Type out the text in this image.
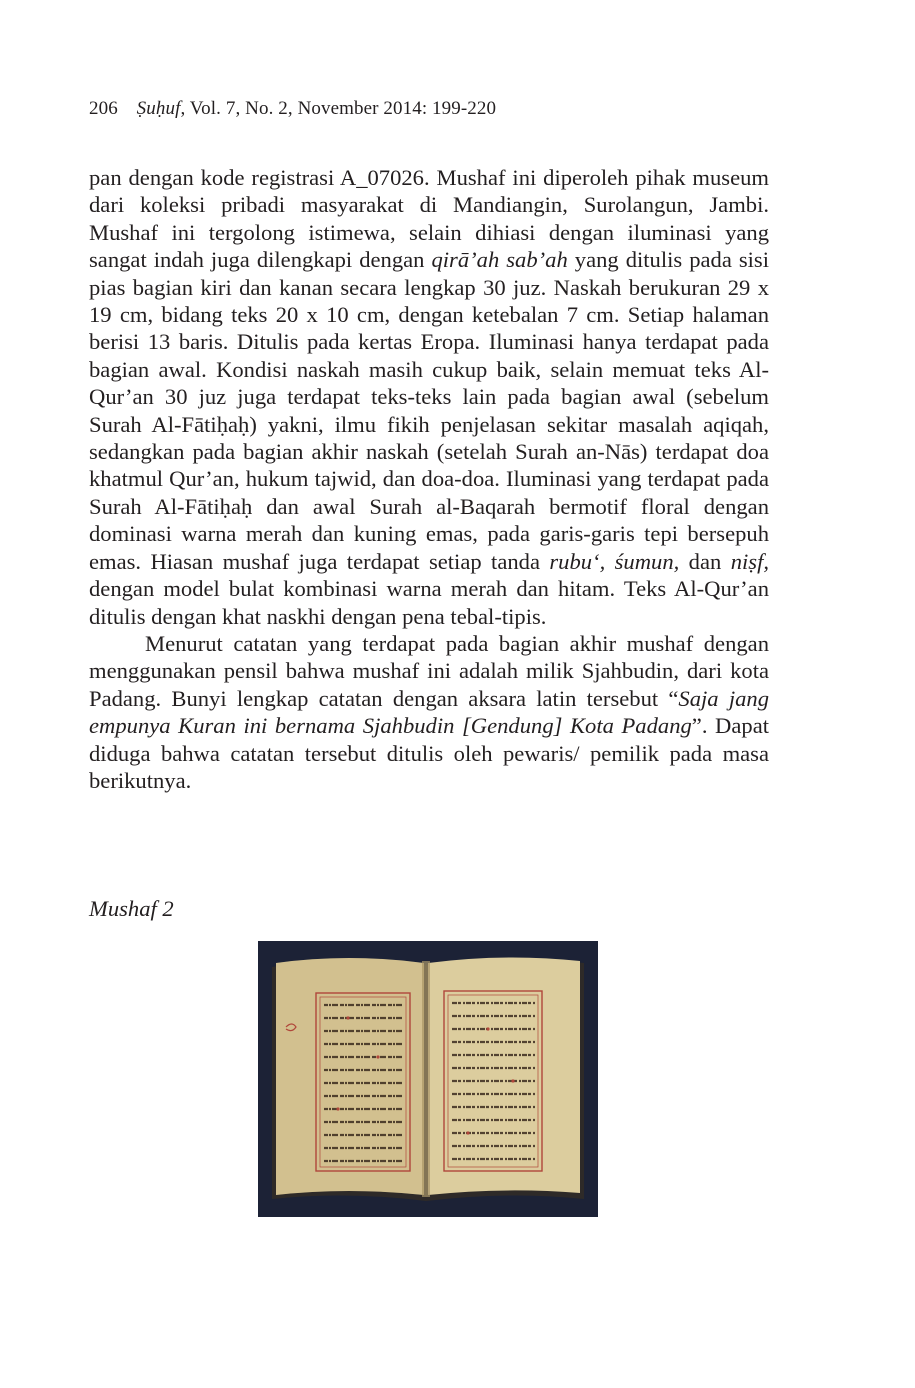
206 Ṣuḥuf, Vol. 7, No. 2, November 2014: 199-220

pan dengan kode registrasi A_07026. Mushaf ini diperoleh pihak museum dari koleksi pribadi masyarakat di Mandiangin, Surolangun, Jambi. Mushaf ini tergolong istimewa, selain dihiasi dengan iluminasi yang sangat indah juga dilengkapi dengan qirā’ah sab’ah yang ditulis pada sisi pias bagian kiri dan kanan secara lengkap 30 juz. Naskah berukuran 29 x 19 cm, bidang teks 20 x 10 cm, dengan ketebalan 7 cm. Setiap halaman berisi 13 baris. Ditulis pada kertas Eropa. Iluminasi hanya terdapat pada bagian awal. Kondisi naskah masih cukup baik, selain memuat teks Al-Qur’an 30 juz juga terdapat teks-teks lain pada bagian awal (sebelum Surah Al-Fātiḥaḥ) yakni, ilmu fikih penjelasan sekitar masalah aqiqah, sedangkan pada bagian akhir naskah (setelah Surah an-Nās) terdapat doa khatmul Qur’an, hukum tajwid, dan doa-doa. Iluminasi yang terdapat pada Surah Al-Fātiḥaḥ dan awal Surah al-Baqarah bermotif floral dengan dominasi warna merah dan kuning emas, pada garis-garis tepi bersepuh emas. Hiasan mushaf juga terdapat setiap tanda rubu‘, śumun, dan niṣf, dengan model bulat kombinasi warna merah dan hitam. Teks Al-Qur’an ditulis dengan khat naskhi dengan pena tebal-tipis.

Menurut catatan yang terdapat pada bagian akhir mushaf dengan menggunakan pensil bahwa mushaf ini adalah milik Sjahbudin, dari kota Padang. Bunyi lengkap catatan dengan aksara latin tersebut “Saja jang empunya Kuran ini bernama Sjahbudin [Gendung] Kota Padang”. Dapat diduga bahwa catatan tersebut ditulis oleh pewaris/ pemilik pada masa berikutnya.

Mushaf 2
